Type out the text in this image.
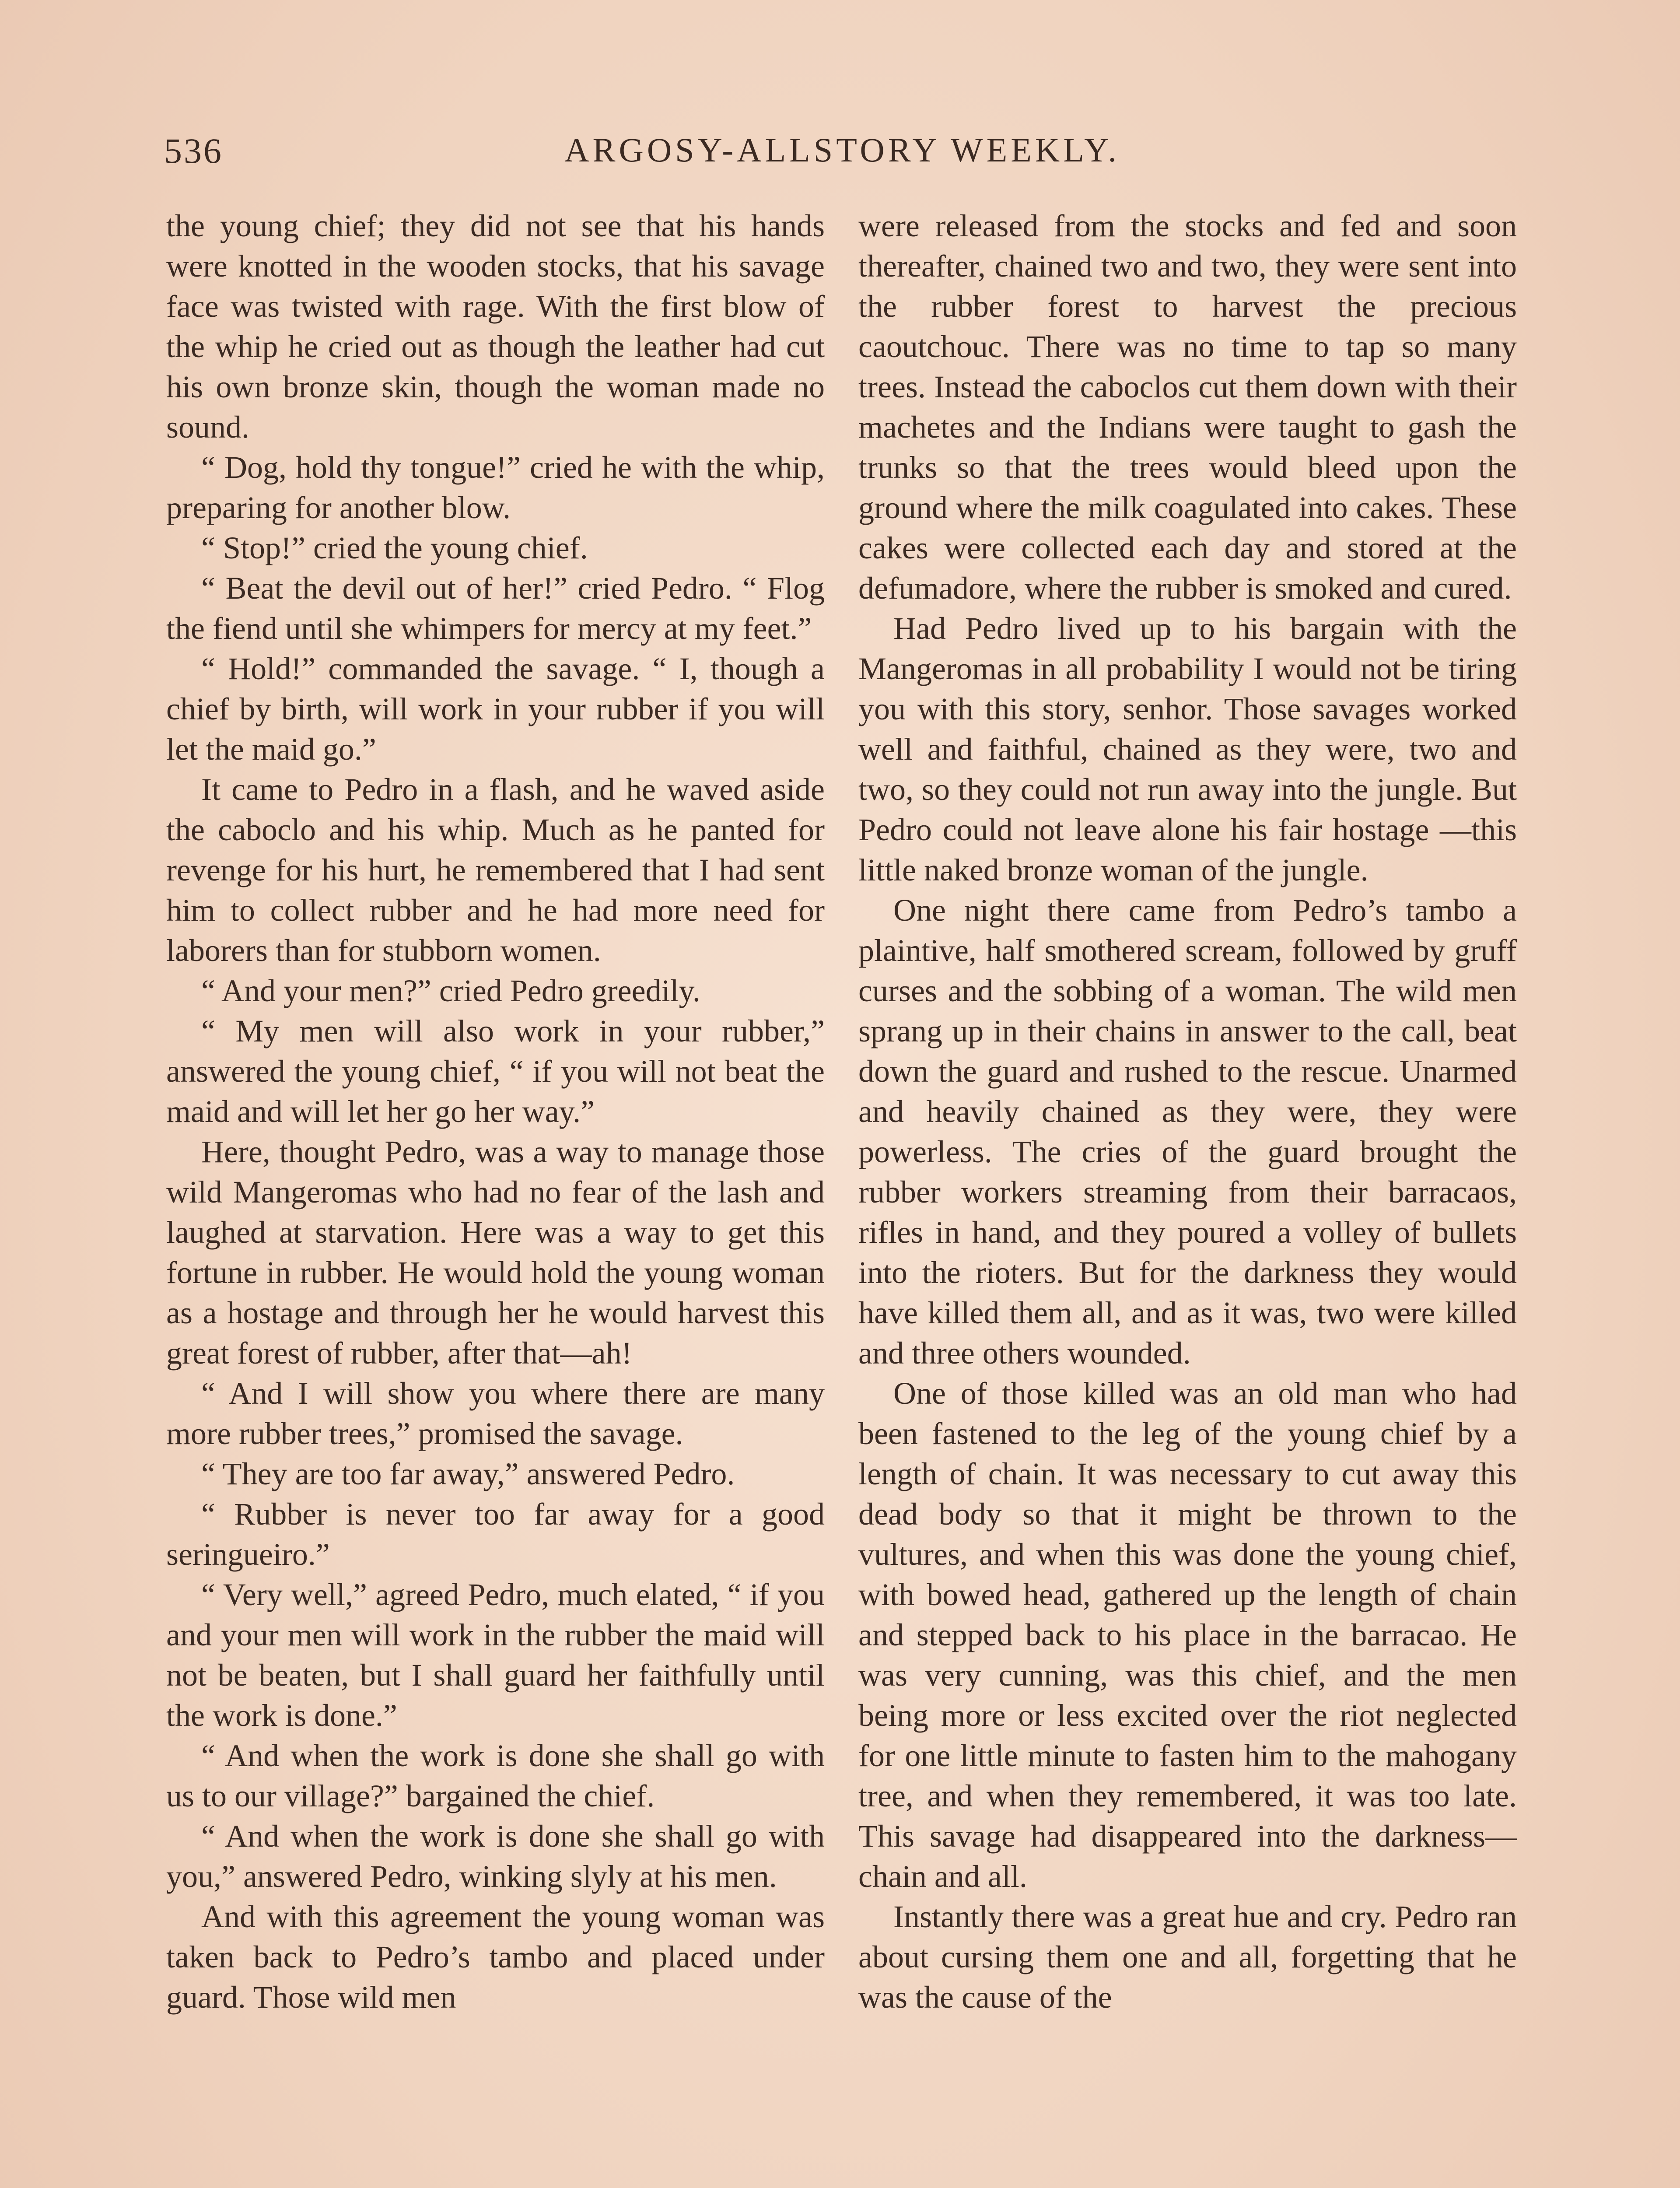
536	ARGOSY-ALLSTORY WEEKLY.

the young chief; they did not see that his hands were knotted in the wooden stocks, that his savage face was twisted with rage. With the first blow of the whip he cried out as though the leather had cut his own bronze skin, though the woman made no sound.

“ Dog, hold thy tongue!” cried he with the whip, preparing for another blow.

“ Stop!” cried the young chief.

“ Beat the devil out of her!” cried Pedro. “ Flog the fiend until she whimpers for mercy at my feet.”

“ Hold!” commanded the savage. “ I, though a chief by birth, will work in your rubber if you will let the maid go.”

It came to Pedro in a flash, and he waved aside the caboclo and his whip. Much as he panted for revenge for his hurt, he remembered that I had sent him to collect rubber and he had more need for laborers than for stubborn women.

“ And your men?” cried Pedro greedily.

“ My men will also work in your rubber,” answered the young chief, “ if you will not beat the maid and will let her go her way.”

Here, thought Pedro, was a way to manage those wild Mangeromas who had no fear of the lash and laughed at starvation. Here was a way to get this fortune in rubber. He would hold the young woman as a hostage and through her he would harvest this great forest of rubber, after that—ah!

“ And I will show you where there are many more rubber trees,” promised the savage.

“ They are too far away,” answered Pedro.

“ Rubber is never too far away for a good seringueiro.”

“ Very well,” agreed Pedro, much elated, “ if you and your men will work in the rubber the maid will not be beaten, but I shall guard her faithfully until the work is done.”

“ And when the work is done she shall go with us to our village?” bargained the chief.

“ And when the work is done she shall go with you,” answered Pedro, winking slyly at his men.

And with this agreement the young woman was taken back to Pedro’s tambo and placed under guard. Those wild men

were released from the stocks and fed and soon thereafter, chained two and two, they were sent into the rubber forest to harvest the precious caoutchouc. There was no time to tap so many trees. Instead the caboclos cut them down with their machetes and the Indians were taught to gash the trunks so that the trees would bleed upon the ground where the milk coagulated into cakes. These cakes were collected each day and stored at the defumadore, where the rubber is smoked and cured.

Had Pedro lived up to his bargain with the Mangeromas in all probability I would not be tiring you with this story, senhor. Those savages worked well and faithful, chained as they were, two and two, so they could not run away into the jungle. But Pedro could not leave alone his fair hostage —this little naked bronze woman of the jungle.

One night there came from Pedro’s tambo a plaintive, half smothered scream, followed by gruff curses and the sobbing of a woman. The wild men sprang up in their chains in answer to the call, beat down the guard and rushed to the rescue. Unarmed and heavily chained as they were, they were powerless. The cries of the guard brought the rubber workers streaming from their barracaos, rifles in hand, and they poured a volley of bullets into the rioters. But for the darkness they would have killed them all, and as it was, two were killed and three others wounded.

One of those killed was an old man who had been fastened to the leg of the young chief by a length of chain. It was necessary to cut away this dead body so that it might be thrown to the vultures, and when this was done the young chief, with bowed head, gathered up the length of chain and stepped back to his place in the barracao. He was very cunning, was this chief, and the men being more or less excited over the riot neglected for one little minute to fasten him to the mahogany tree, and when they remembered, it was too late. This savage had disappeared into the darkness—chain and all.

Instantly there was a great hue and cry. Pedro ran about cursing them one and all, forgetting that he was the cause of the
